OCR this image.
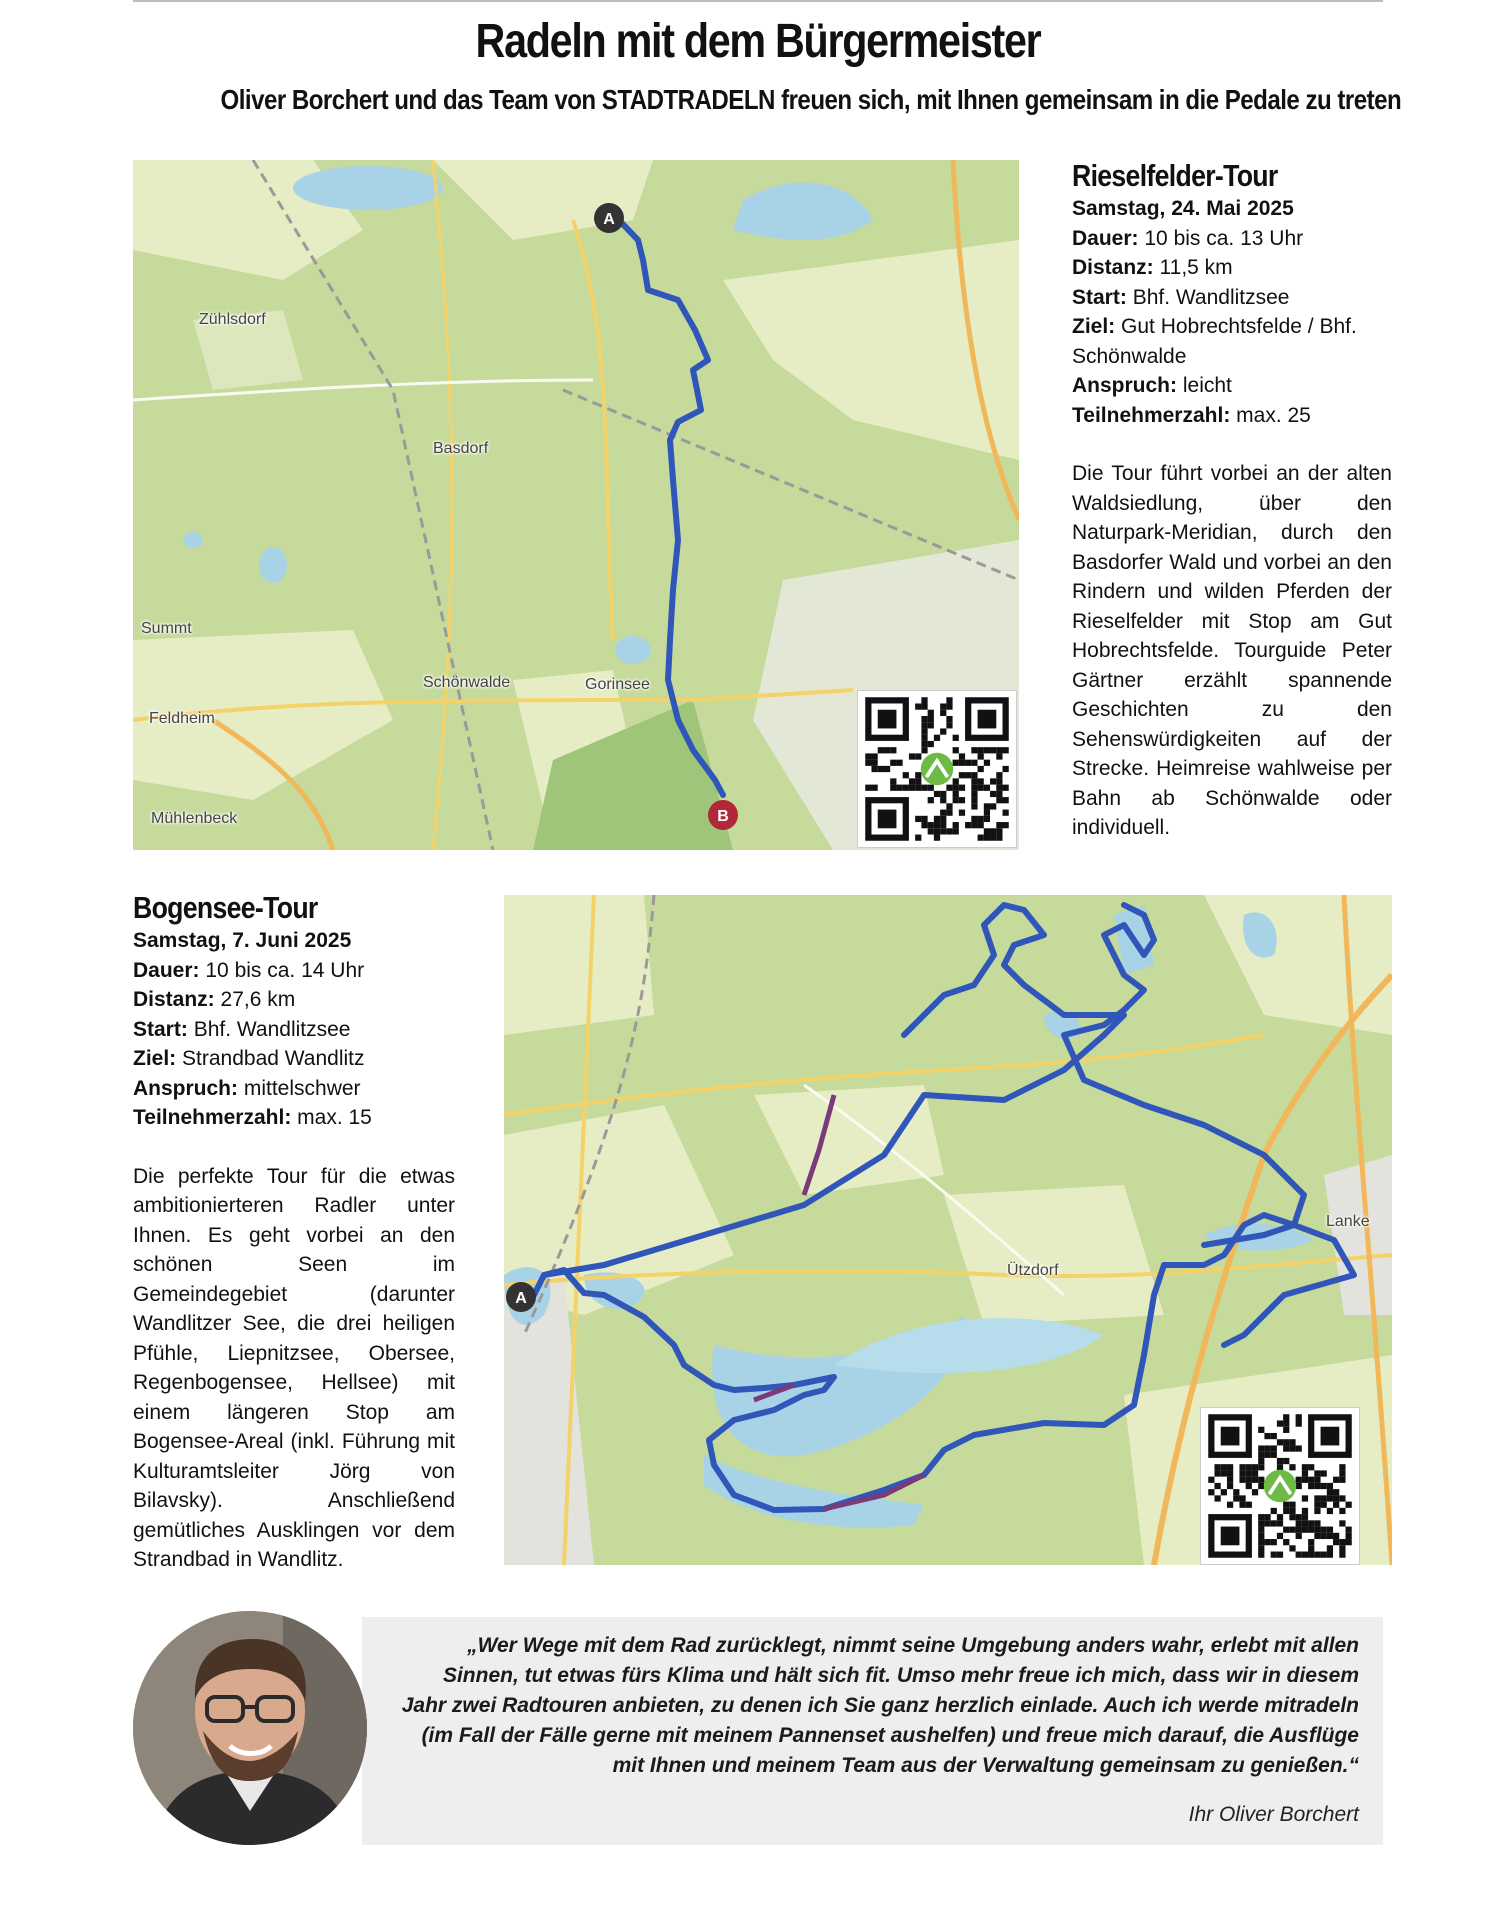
Radeln mit dem Bürgermeister
Oliver Borchert und das Team von STADTRADELN freuen sich, mit Ihnen gemeinsam in die Pedale zu treten
A
B
Zühlsdorf
Basdorf
Summt
Schönwalde	Gorinsee
Feldheim
Mühlenbeck
Rieselfelder-Tour
Samstag, 24. Mai 2025
Dauer: 10 bis ca. 13 Uhr
Distanz: 11,5 km
Start: Bhf. Wandlitzsee
Ziel: Gut Hobrechtsfelde / Bhf. Schönwalde
Anspruch: leicht
Teilnehmerzahl: max. 25
Die Tour führt vorbei an der alten Waldsiedlung, über den Naturpark-Meridian, durch den Basdorfer Wald und vorbei an den Rindern und wilden Pferden der Rieselfelder mit Stop am Gut Hobrechtsfelde. Tourguide Peter Gärtner erzählt spannende Geschichten zu den Sehenswürdigkeiten auf der Strecke. Heimreise wahlweise per Bahn ab Schönwalde oder individuell.
Bogensee-Tour
Samstag, 7. Juni 2025
Dauer: 10 bis ca. 14 Uhr
Distanz: 27,6 km
Start: Bhf. Wandlitzsee
Ziel: Strandbad Wandlitz
Anspruch: mittelschwer
Teilnehmerzahl: max. 15
Die perfekte Tour für die etwas ambitionierteren Radler unter Ihnen. Es geht vorbei an den schönen Seen im Gemeindegebiet (darunter Wandlitzer See, die drei heiligen Pfühle, Liepnitzsee, Obersee, Regenbogensee, Hellsee) mit einem längeren Stop am Bogensee-Areal (inkl. Führung mit Kulturamtsleiter Jörg von Bilavsky). Anschließend gemütliches Ausklingen vor dem Strandbad in Wandlitz.
A
Ützdorf
Lanke
„Wer Wege mit dem Rad zurücklegt, nimmt seine Umgebung anders wahr, erlebt mit allen Sinnen, tut etwas fürs Klima und hält sich fit. Umso mehr freue ich mich, dass wir in diesem Jahr zwei Radtouren anbieten, zu denen ich Sie ganz herzlich einlade. Auch ich werde mitradeln (im Fall der Fälle gerne mit meinem Pannenset aushelfen) und freue mich darauf, die Ausflüge mit Ihnen und meinem Team aus der Verwaltung gemeinsam zu genießen.“
Ihr Oliver Borchert
